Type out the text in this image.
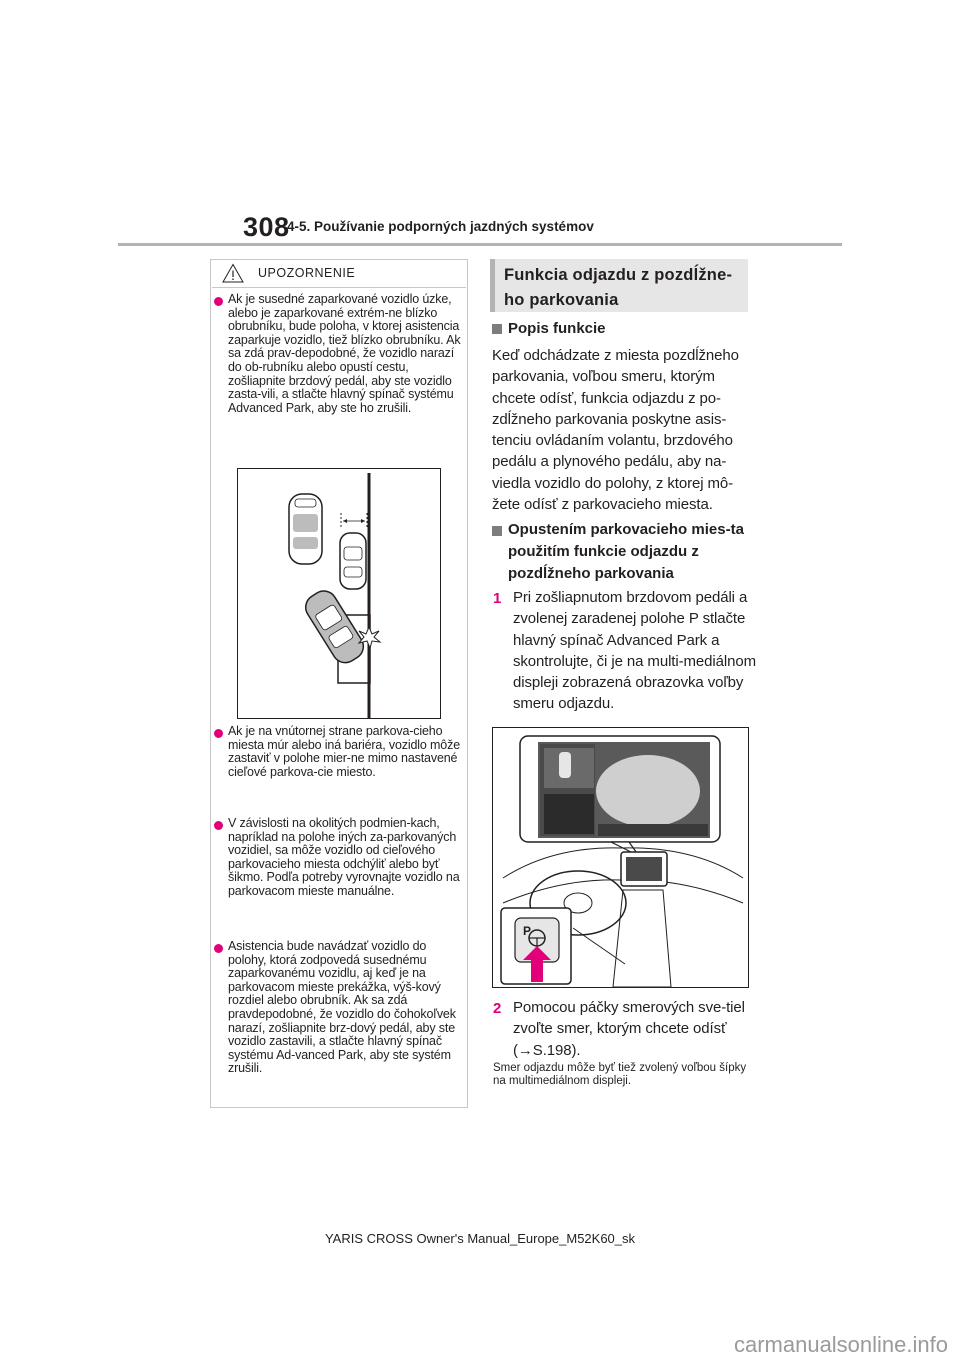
308
4-5. Používanie podporných jazdných systémov
UPOZORNENIE
Ak je susedné zaparkované vozidlo úzke, alebo je zaparkované extrém-ne blízko obrubníku, bude poloha, v ktorej asistencia zaparkuje vozidlo, tiež blízko obrubníku. Ak sa zdá prav-depodobné, že vozidlo narazí do ob-rubníku alebo opustí cestu, zošliapnite brzdový pedál, aby ste vozidlo zasta-vili, a stlačte hlavný spínač systému Advanced Park, aby ste ho zrušili.
Ak je na vnútornej strane parkova-cieho miesta múr alebo iná bariéra, vozidlo môže zastaviť v polohe mier-ne mimo nastavené cieľové parkova-cie miesto.
V závislosti na okolitých podmien-kach, napríklad na polohe iných za-parkovaných vozidiel, sa môže vozidlo od cieľového parkovacieho miesta odchýliť alebo byť šikmo. Podľa potreby vyrovnajte vozidlo na parkovacom mieste manuálne.
Asistencia bude navádzať vozidlo do polohy, ktorá zodpovedá susednému zaparkovanému vozidlu, aj keď je na parkovacom mieste prekážka, výš-kový rozdiel alebo obrubník. Ak sa zdá pravdepodobné, že vozidlo do čohokoľvek narazí, zošliapnite brz-dový pedál, aby ste vozidlo zastavili, a stlačte hlavný spínač systému Ad-vanced Park, aby ste systém zrušili.
Funkcia odjazdu z pozdĺžne-ho parkovania
Popis funkcie
Keď odchádzate z miesta pozdĺžneho parkovania, voľbou smeru, ktorým chcete odísť, funkcia odjazdu z po-zdĺžneho parkovania poskytne asis-tenciu ovládaním volantu, brzdového pedálu a plynového pedálu, aby na-viedla vozidlo do polohy, z ktorej mô-žete odísť z parkovacieho miesta.
Opustením parkovacieho mies-ta použitím funkcie odjazdu z pozdĺžneho parkovania
1 Pri zošliapnutom brzdovom pedáli a zvolenej zaradenej polohe P stlačte hlavný spínač Advanced Park a skontrolujte, či je na multi-mediálnom displeji zobrazená obrazovka voľby smeru odjazdu.
P
2 Pomocou páčky smerových sve-tiel zvoľte smer, ktorým chcete odísť (→S.198).
Smer odjazdu môže byť tiež zvolený voľbou šípky na multimediálnom displeji.
YARIS CROSS Owner's Manual_Europe_M52K60_sk
carmanualsonline.info
